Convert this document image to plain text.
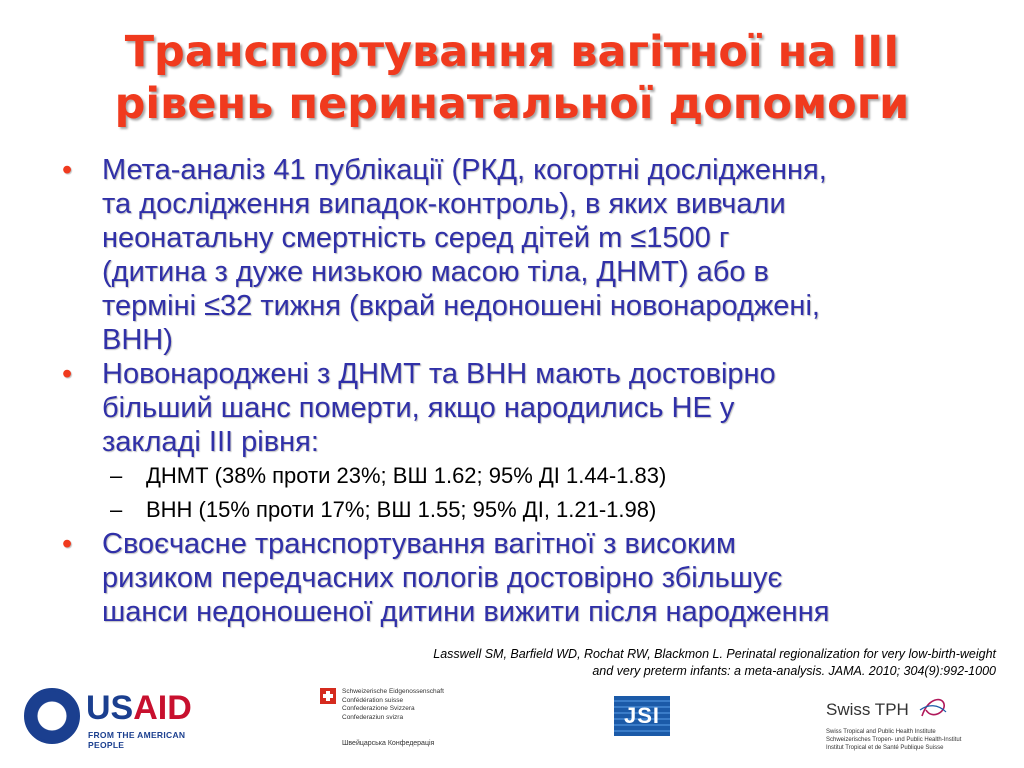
Транспортування вагітної на III
рівень перинатальної допомоги
• Мета-аналіз 41 публікації (РКД, когортні дослідження,
та дослідження випадок-контроль), в яких вивчали
неонатальну смертність серед дітей m ≤1500 г
(дитина з дуже низькою масою тіла, ДНМТ) або в
терміні ≤32 тижня (вкрай недоношені новонароджені,
ВНН)
• Новонароджені з ДНМТ та ВНН мають достовірно
більший шанс померти, якщо народились НЕ у
закладі III рівня:
– ДНМТ (38% проти 23%; ВШ 1.62; 95% ДІ 1.44-1.83)
– ВНН (15% проти 17%; ВШ 1.55; 95% ДІ, 1.21-1.98)
• Своєчасне транспортування вагітної з високим
ризиком передчасних пологів достовірно збільшує
шанси недоношеної дитини вижити після народження
Lasswell SM, Barfield WD, Rochat RW, Blackmon L. Perinatal regionalization for very low-birth-weight
and very preterm infants: a meta-analysis. JAMA. 2010; 304(9):992-1000
USAID
FROM THE AMERICAN PEOPLE
Schweizerische Eidgenossenschaft
Confédération suisse
Confederazione Svizzera
Confederaziun svizra
Швейцарська Конфедерація
JSI	Swiss TPH
Swiss Tropical and Public Health Institute
Schweizerisches Tropen- und Public Health-Institut
Institut Tropical et de Santé Publique Suisse
